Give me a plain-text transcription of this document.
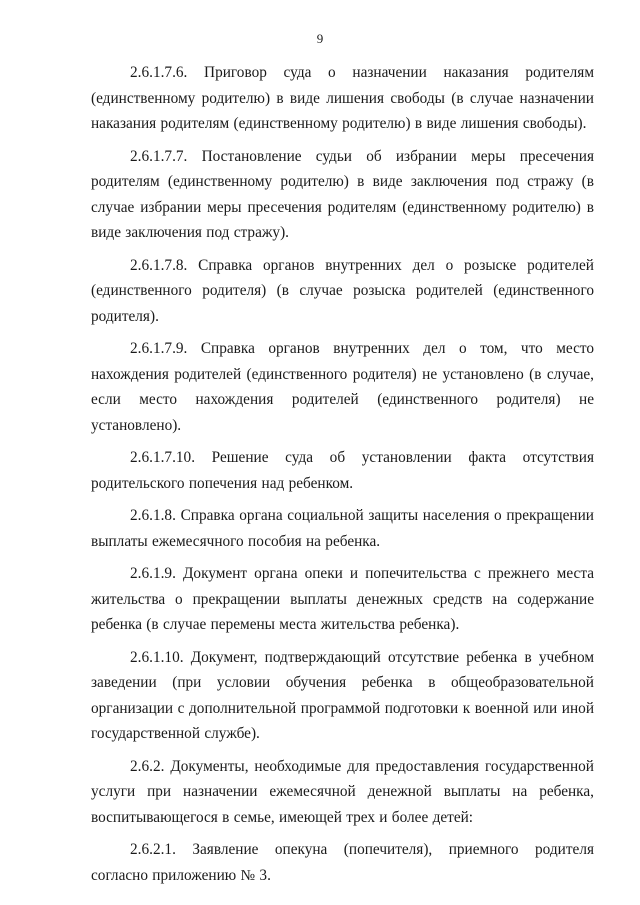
9

2.6.1.7.6. Приговор суда о назначении наказания родителям (единственному родителю) в виде лишения свободы (в случае назначении наказания родителям (единственному родителю) в виде лишения свободы).

2.6.1.7.7. Постановление судьи об избрании меры пресечения родителям (единственному родителю) в виде заключения под стражу (в случае избрании меры пресечения родителям (единственному родителю) в виде заключения под стражу).

2.6.1.7.8. Справка органов внутренних дел о розыске родителей (единственного родителя) (в случае розыска родителей (единственного родителя).

2.6.1.7.9. Справка органов внутренних дел о том, что место нахождения родителей (единственного родителя) не установлено (в случае, если место нахождения родителей (единственного родителя) не установлено).

2.6.1.7.10. Решение суда об установлении факта отсутствия родительского попечения над ребенком.

2.6.1.8. Справка органа социальной защиты населения о прекращении выплаты ежемесячного пособия на ребенка.

2.6.1.9. Документ органа опеки и попечительства с прежнего места жительства о прекращении выплаты денежных средств на содержание ребенка (в случае перемены места жительства ребенка).

2.6.1.10. Документ, подтверждающий отсутствие ребенка в учебном заведении (при условии обучения ребенка в общеобразовательной организации с дополнительной программой подготовки к военной или иной государственной службе).

2.6.2. Документы, необходимые для предоставления государственной услуги при назначении ежемесячной денежной выплаты на ребенка, воспитывающегося в семье, имеющей трех и более детей:

2.6.2.1. Заявление опекуна (попечителя), приемного родителя согласно приложению № 3.
